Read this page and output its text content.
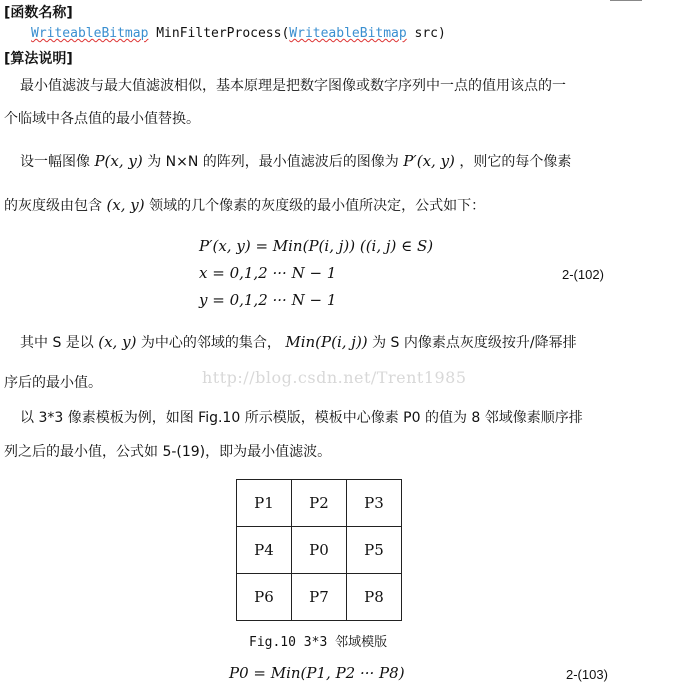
[函数名称]
WriteableBitmap MinFilterProcess(WriteableBitmap src)
[算法说明]
最小值滤波与最大值滤波相似，基本原理是把数字图像或数字序列中一点的值用该点的一
个临域中各点值的最小值替换。
设一幅图像 P(x, y) 为 N×N 的阵列，最小值滤波后的图像为 P′(x, y) ，则它的每个像素
的灰度级由包含 (x, y) 领域的几个像素的灰度级的最小值所决定，公式如下：
P′(x, y) = Min(P(i, j)) ((i, j) ∈ S)
x = 0,1,2 ··· N − 1
y = 0,1,2 ··· N − 1
2-(102)
其中 S 是以 (x, y) 为中心的邻域的集合， Min(P(i, j)) 为 S 内像素点灰度级按升/降幂排
序后的最小值。	http://blog.csdn.net/Trent1985
以 3*3 像素模板为例，如图 Fig.10 所示模版，模板中心像素 P0 的值为 8 邻域像素顺序排
列之后的最小值，公式如 5-(19)，即为最小值滤波。
P1	P2	P3
P4	P0	P5
P6	P7	P8
Fig.10 3*3 邻域模版
P0 = Min(P1, P2 ··· P8)	2-(103)
